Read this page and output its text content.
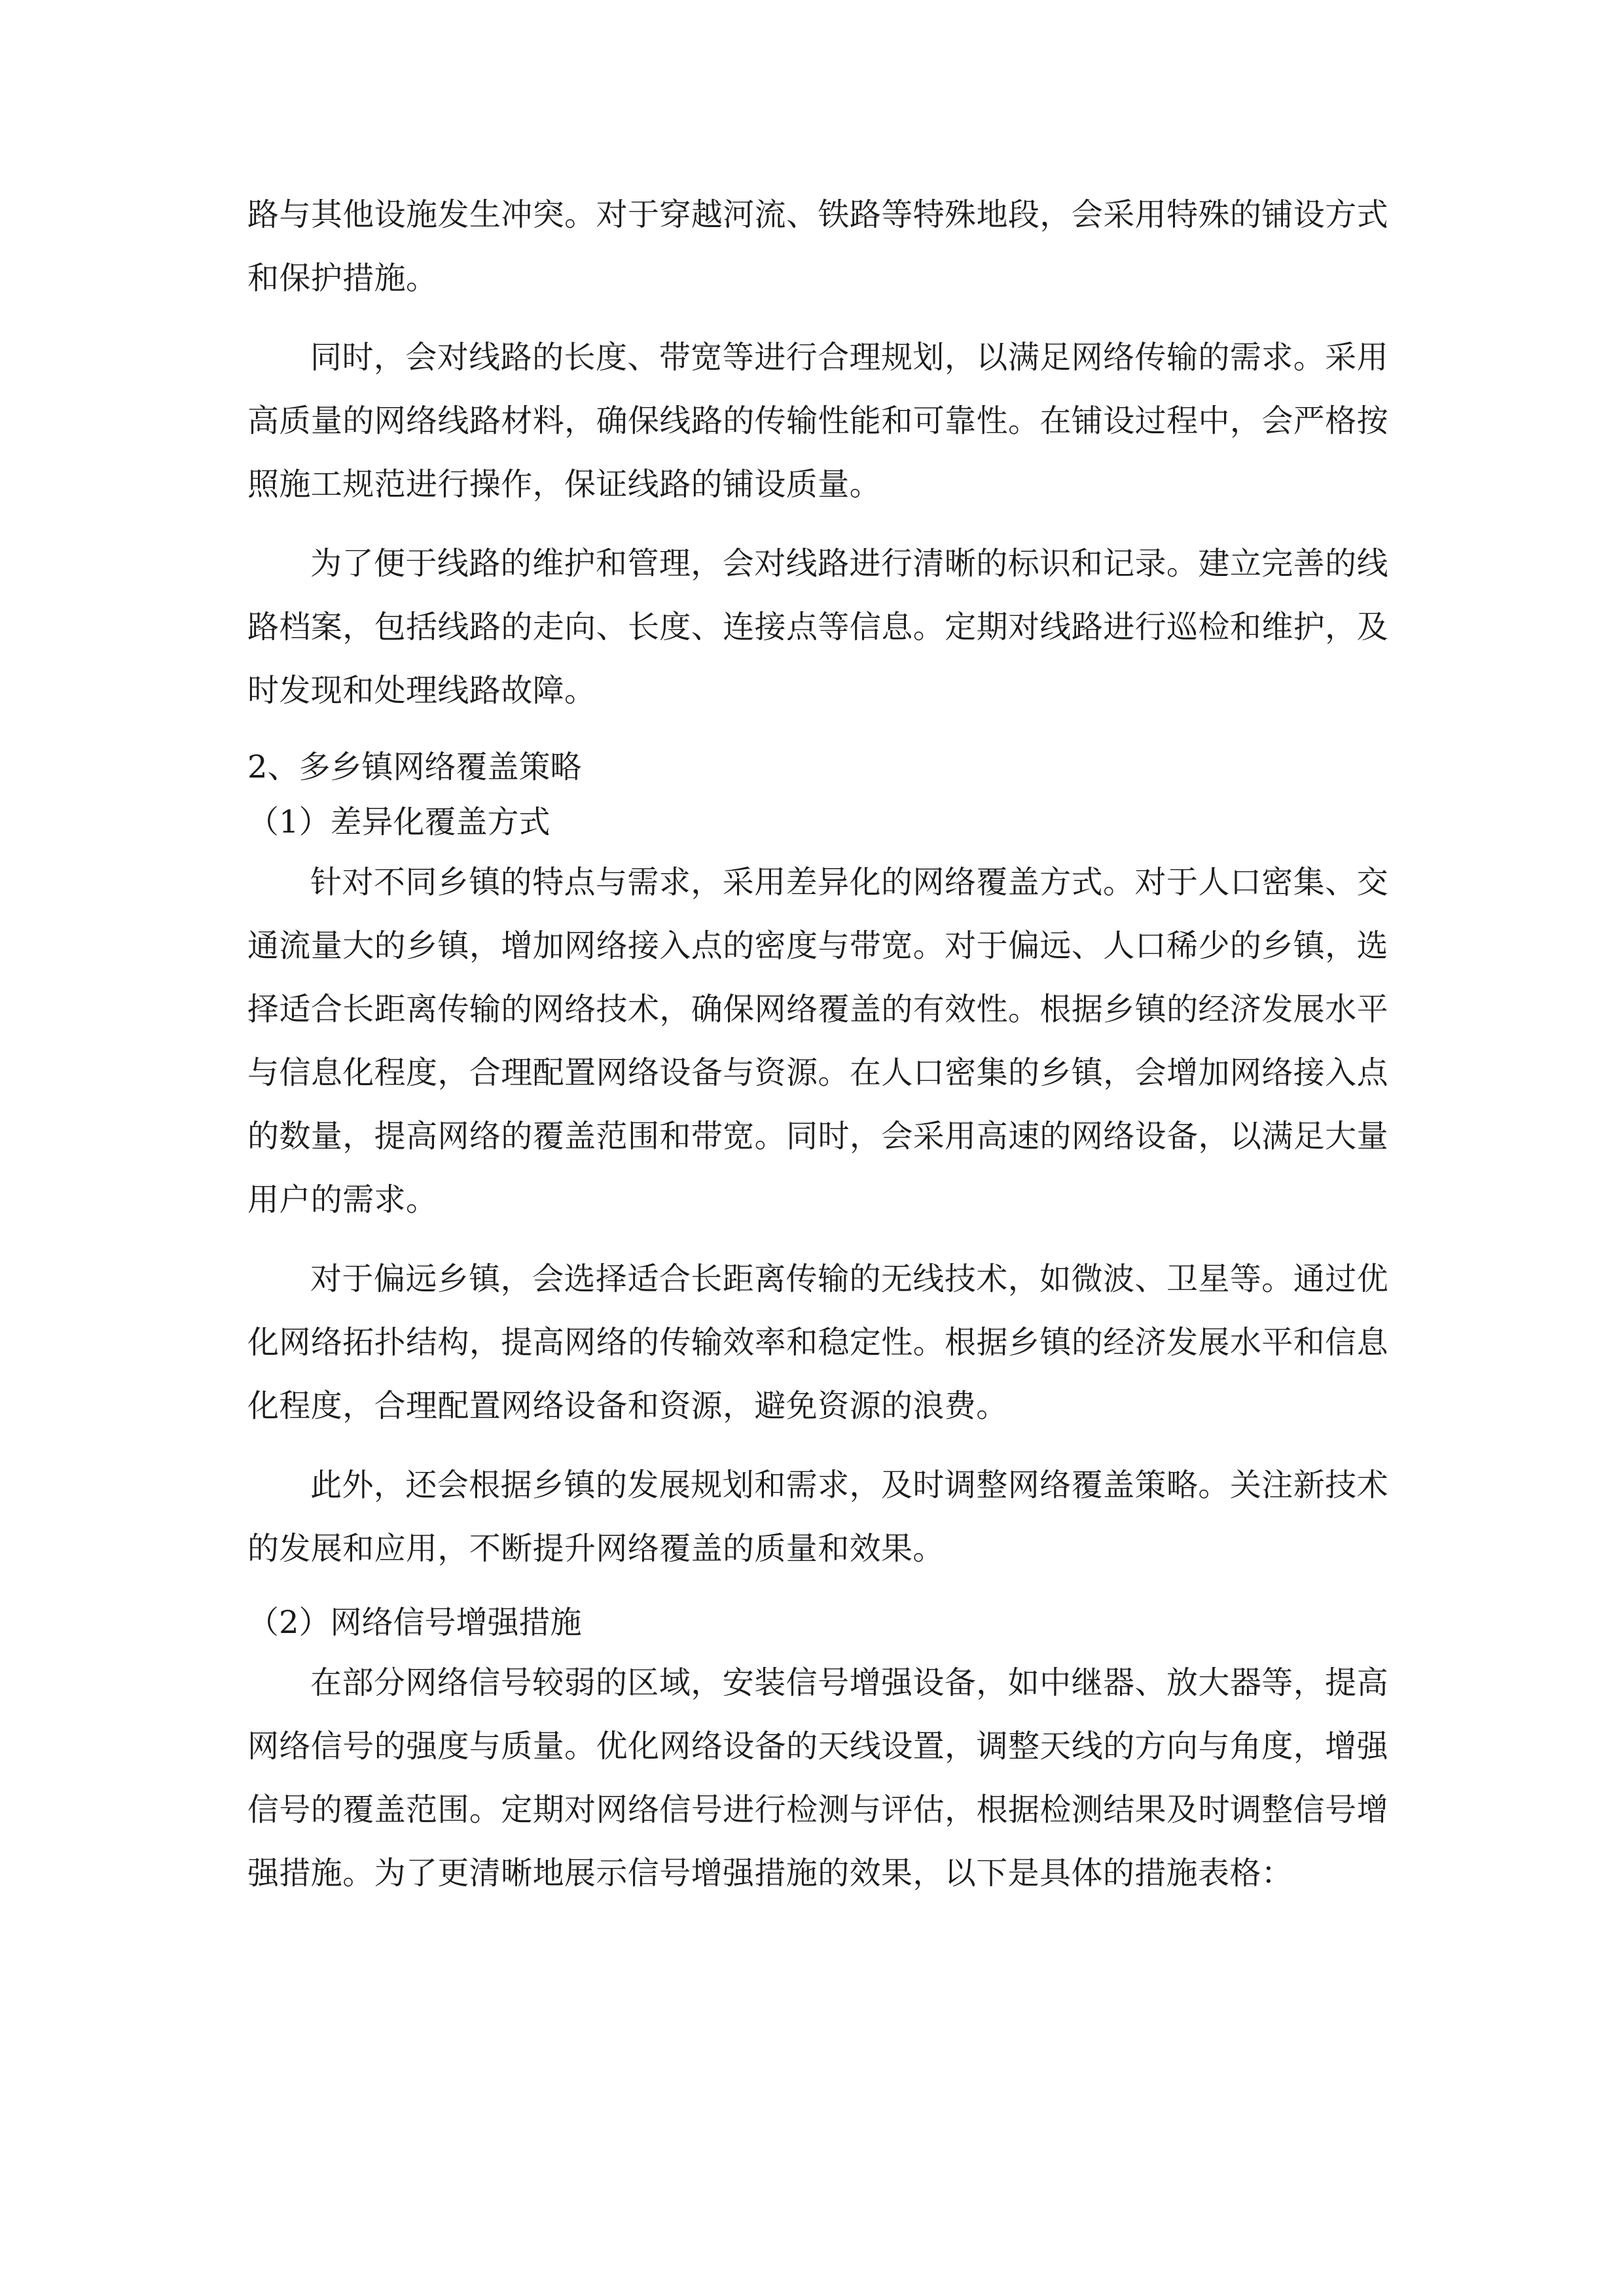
路与其他设施发生冲突。对于穿越河流、铁路等特殊地段，会采用特殊的铺设方式和保护措施。

同时，会对线路的长度、带宽等进行合理规划，以满足网络传输的需求。采用高质量的网络线路材料，确保线路的传输性能和可靠性。在铺设过程中，会严格按照施工规范进行操作，保证线路的铺设质量。

为了便于线路的维护和管理，会对线路进行清晰的标识和记录。建立完善的线路档案，包括线路的走向、长度、连接点等信息。定期对线路进行巡检和维护，及时发现和处理线路故障。

2、多乡镇网络覆盖策略
（1）差异化覆盖方式

针对不同乡镇的特点与需求，采用差异化的网络覆盖方式。对于人口密集、交通流量大的乡镇，增加网络接入点的密度与带宽。对于偏远、人口稀少的乡镇，选择适合长距离传输的网络技术，确保网络覆盖的有效性。根据乡镇的经济发展水平与信息化程度，合理配置网络设备与资源。在人口密集的乡镇，会增加网络接入点的数量，提高网络的覆盖范围和带宽。同时，会采用高速的网络设备，以满足大量用户的需求。

对于偏远乡镇，会选择适合长距离传输的无线技术，如微波、卫星等。通过优化网络拓扑结构，提高网络的传输效率和稳定性。根据乡镇的经济发展水平和信息化程度，合理配置网络设备和资源，避免资源的浪费。

此外，还会根据乡镇的发展规划和需求，及时调整网络覆盖策略。关注新技术的发展和应用，不断提升网络覆盖的质量和效果。

（2）网络信号增强措施

在部分网络信号较弱的区域，安装信号增强设备，如中继器、放大器等，提高网络信号的强度与质量。优化网络设备的天线设置，调整天线的方向与角度，增强信号的覆盖范围。定期对网络信号进行检测与评估，根据检测结果及时调整信号增强措施。为了更清晰地展示信号增强措施的效果，以下是具体的措施表格：
